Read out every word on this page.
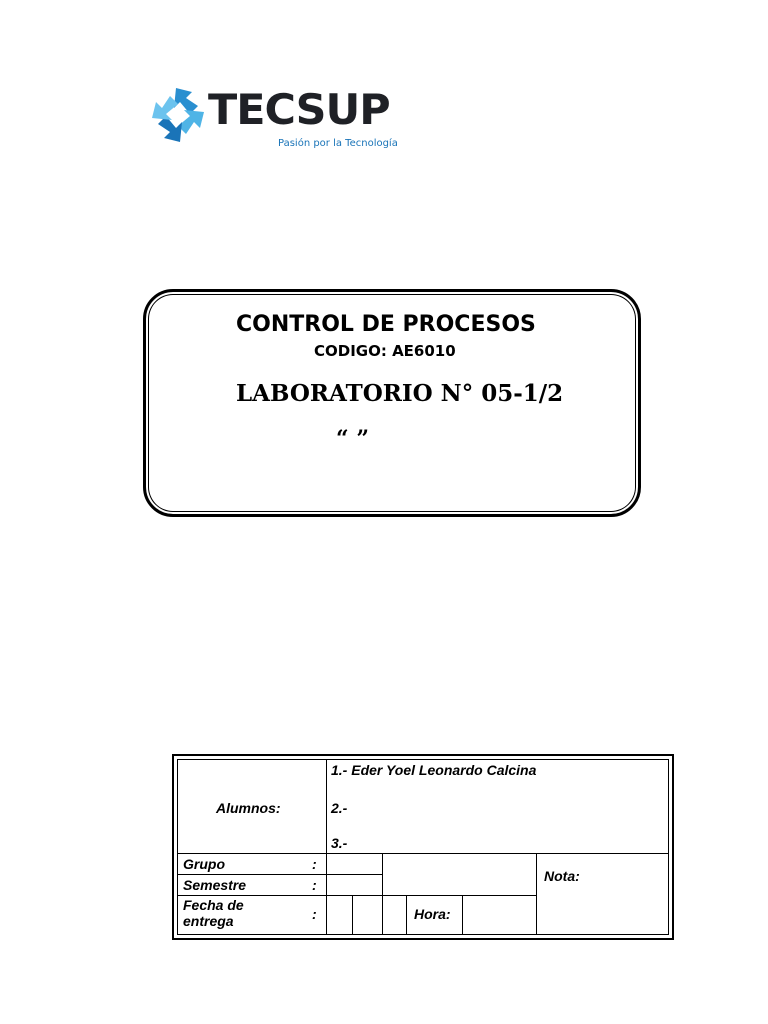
TECSUP
Pasión por la Tecnología
CONTROL DE PROCESOS
CODIGO: AE6010
LABORATORIO N° 05-1/2
“ ”
Alumnos:
1.- Eder Yoel Leonardo Calcina
2.-
3.-
Grupo	:
Semestre	:
Fecha de
entrega	:	Hora:
Nota:
